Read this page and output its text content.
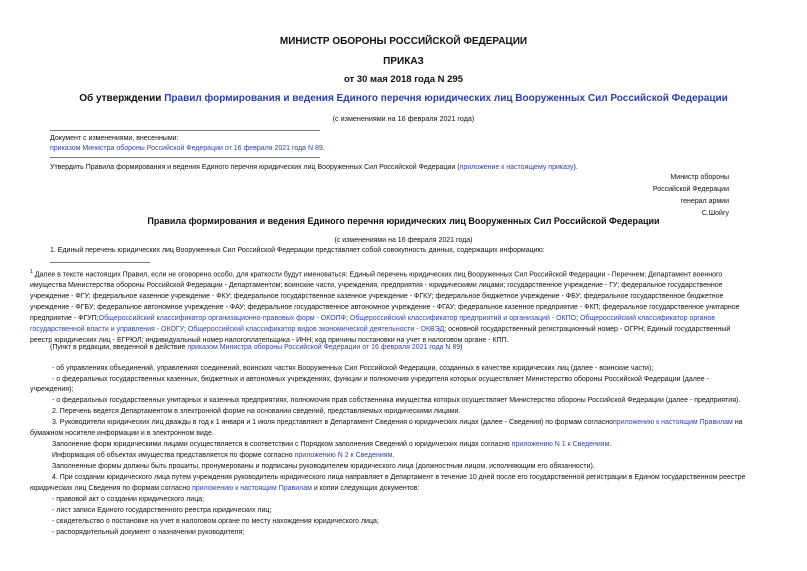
МИНИСТР ОБОРОНЫ РОССИЙСКОЙ ФЕДЕРАЦИИ
ПРИКАЗ
от 30 мая 2018 года N 295
Об утверждении Правил формирования и ведения Единого перечня юридических лиц Вооруженных Сил Российской Федерации
(с изменениями на 16 февраля 2021 года)
Документ с изменениями, внесенными:
приказом Министра обороны Российской Федерации от 16 февраля 2021 года N 89.
Утвердить Правила формирования и ведения Единого перечня юридических лиц Вооруженных Сил Российской Федерации (приложение к настоящему приказу).
Министр обороны
Российской Федерации
генерал армии
С.Шойгу
Правила формирования и ведения Единого перечня юридических лиц Вооруженных Сил Российской Федерации
(с изменениями на 16 февраля 2021 года)
1. Единый перечень юридических лиц Вооруженных Сил Российской Федерации представляет собой совокупность данных, содержащих информацию:
$^1$ Далее в тексте настоящих Правил, если не оговорено особо, для краткости будут именоваться: Единый перечень юридических лиц Вооруженных Сил Российской Федерации - Перечнем; Департамент военного
имущества Министерства обороны Российской Федерации - Департаментом; воинские части, учреждения, предприятия - юридическими лицами; государственное учреждение - ГУ; федеральное государственное
учреждение - ФГУ; федеральное казенное учреждение - ФКУ; федеральное государственное казенное учреждение - ФГКУ; федеральное бюджетное учреждение - ФБУ; федеральное государственное бюджетное
учреждение - ФГБУ; федеральное автономное учреждение - ФАУ; федеральное государственное автономное учреждение - ФГАУ; федеральное казенное предприятие - ФКП; федеральное государственное унитарное
предприятие - ФГУП;Общероссийский классификатор организационно-правовых форм - ОКОПФ; Общероссийский классификатор предприятий и организаций - ОКПО; Общероссийский классификатор органов
государственной власти и управления - ОКОГУ; Общероссийский классификатор видов экономической деятельности - ОКВЭД; основной государственный регистрационный номер - ОГРН; Единый государственный
реестр юридических лиц - ЕГРЮЛ; индивидуальный номер налогоплательщика - ИНН; код причины постановки на учет в налоговом органе - КПП.
(Пункт в редакции, введенной в действие приказом Министра обороны Российской Федерации от 16 февраля 2021 года N 89)
- об управлениях объединений, управлениях соединений, воинских частях Вооруженных Сил Российской Федерации, созданных в качестве юридических лиц (далее - воинские части);
- о федеральных государственных казенных, бюджетных и автономных учреждениях, функции и полномочия учредителя которых осуществляет Министерство обороны Российской Федерации (далее -
учреждения);
- о федеральных государственных унитарных и казенных предприятиях, полномочия прав собственника имущества которых осуществляет Министерство обороны Российской Федерации (далее - предприятия).
2. Перечень ведется Департаментом в электронной форме на основании сведений, представляемых юридическими лицами.
3. Руководители юридических лиц дважды в год к 1 января и 1 июля представляют в Департамент Сведения о юридических лицах (далее - Сведения) по формам согласноприложению к настоящим Правилам на
бумажном носителе информации и в электронном виде.
Заполнение форм юридическими лицами осуществляется в соответствии с Порядком заполнения Сведений о юридических лицах согласно приложению N 1 к Сведениям.
Информация об объектах имущества представляется по форме согласно приложению N 2 к Сведениям.
Заполненные формы должны быть прошиты, пронумерованы и подписаны руководителем юридического лица (должностным лицом, исполняющим его обязанности).
4. При создании юридического лица путем учреждения руководитель юридического лица направляет в Департамент в течение 10 дней после его государственной регистрации в Едином государственном реестре
юридических лиц Сведения по формам согласно приложению к настоящим Правилам и копии следующих документов:
- правовой акт о создании юридического лица;
- лист записи Единого государственного реестра юридических лиц;
- свидетельство о постановке на учет в налоговом органе по месту нахождения юридического лица;
- распорядительный документ о назначении руководителя;
